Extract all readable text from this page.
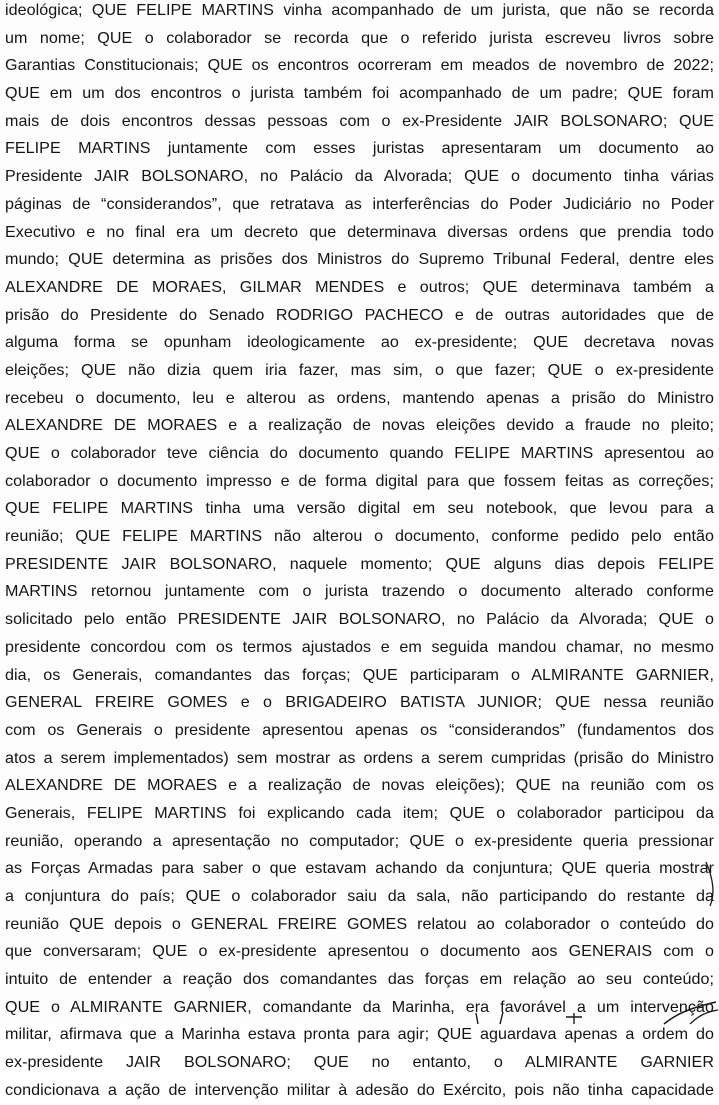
ideológica; QUE FELIPE MARTINS vinha acompanhado de um jurista, que não se recorda
um nome; QUE o colaborador se recorda que o referido jurista escreveu livros sobre
Garantias Constitucionais; QUE os encontros ocorreram em meados de novembro de 2022;
QUE em um dos encontros o jurista também foi acompanhado de um padre; QUE foram
mais de dois encontros dessas pessoas com o ex-Presidente JAIR BOLSONARO; QUE
FELIPE MARTINS juntamente com esses juristas apresentaram um documento ao
Presidente JAIR BOLSONARO, no Palácio da Alvorada; QUE o documento tinha várias
páginas de “considerandos”, que retratava as interferências do Poder Judiciário no Poder
Executivo e no final era um decreto que determinava diversas ordens que prendia todo
mundo; QUE determina as prisões dos Ministros do Supremo Tribunal Federal, dentre eles
ALEXANDRE DE MORAES, GILMAR MENDES e outros; QUE determinava também a
prisão do Presidente do Senado RODRIGO PACHECO e de outras autoridades que de
alguma forma se opunham ideologicamente ao ex-presidente; QUE decretava novas
eleições; QUE não dizia quem iria fazer, mas sim, o que fazer; QUE o ex-presidente
recebeu o documento, leu e alterou as ordens, mantendo apenas a prisão do Ministro
ALEXANDRE DE MORAES e a realização de novas eleições devido a fraude no pleito;
QUE o colaborador teve ciência do documento quando FELIPE MARTINS apresentou ao
colaborador o documento impresso e de forma digital para que fossem feitas as correções;
QUE FELIPE MARTINS tinha uma versão digital em seu notebook, que levou para a
reunião; QUE FELIPE MARTINS não alterou o documento, conforme pedido pelo então
PRESIDENTE JAIR BOLSONARO, naquele momento; QUE alguns dias depois FELIPE
MARTINS retornou juntamente com o jurista trazendo o documento alterado conforme
solicitado pelo então PRESIDENTE JAIR BOLSONARO, no Palácio da Alvorada; QUE o
presidente concordou com os termos ajustados e em seguida mandou chamar, no mesmo
dia, os Generais, comandantes das forças; QUE participaram o ALMIRANTE GARNIER,
GENERAL FREIRE GOMES e o BRIGADEIRO BATISTA JUNIOR; QUE nessa reunião
com os Generais o presidente apresentou apenas os “considerandos” (fundamentos dos
atos a serem implementados) sem mostrar as ordens a serem cumpridas (prisão do Ministro
ALEXANDRE DE MORAES e a realização de novas eleições); QUE na reunião com os
Generais, FELIPE MARTINS foi explicando cada item; QUE o colaborador participou da
reunião, operando a apresentação no computador; QUE o ex-presidente queria pressionar
as Forças Armadas para saber o que estavam achando da conjuntura; QUE queria mostrar
a conjuntura do país; QUE o colaborador saiu da sala, não participando do restante da
reunião QUE depois o GENERAL FREIRE GOMES relatou ao colaborador o conteúdo do
que conversaram; QUE o ex-presidente apresentou o documento aos GENERAIS com o
intuito de entender a reação dos comandantes das forças em relação ao seu conteúdo;
QUE o ALMIRANTE GARNIER, comandante da Marinha, era favorável a um intervenção
militar, afirmava que a Marinha estava pronta para agir; QUE aguardava apenas a ordem do
ex-presidente JAIR BOLSONARO; QUE no entanto, o ALMIRANTE GARNIER
condicionava a ação de intervenção militar à adesão do Exército, pois não tinha capacidade
